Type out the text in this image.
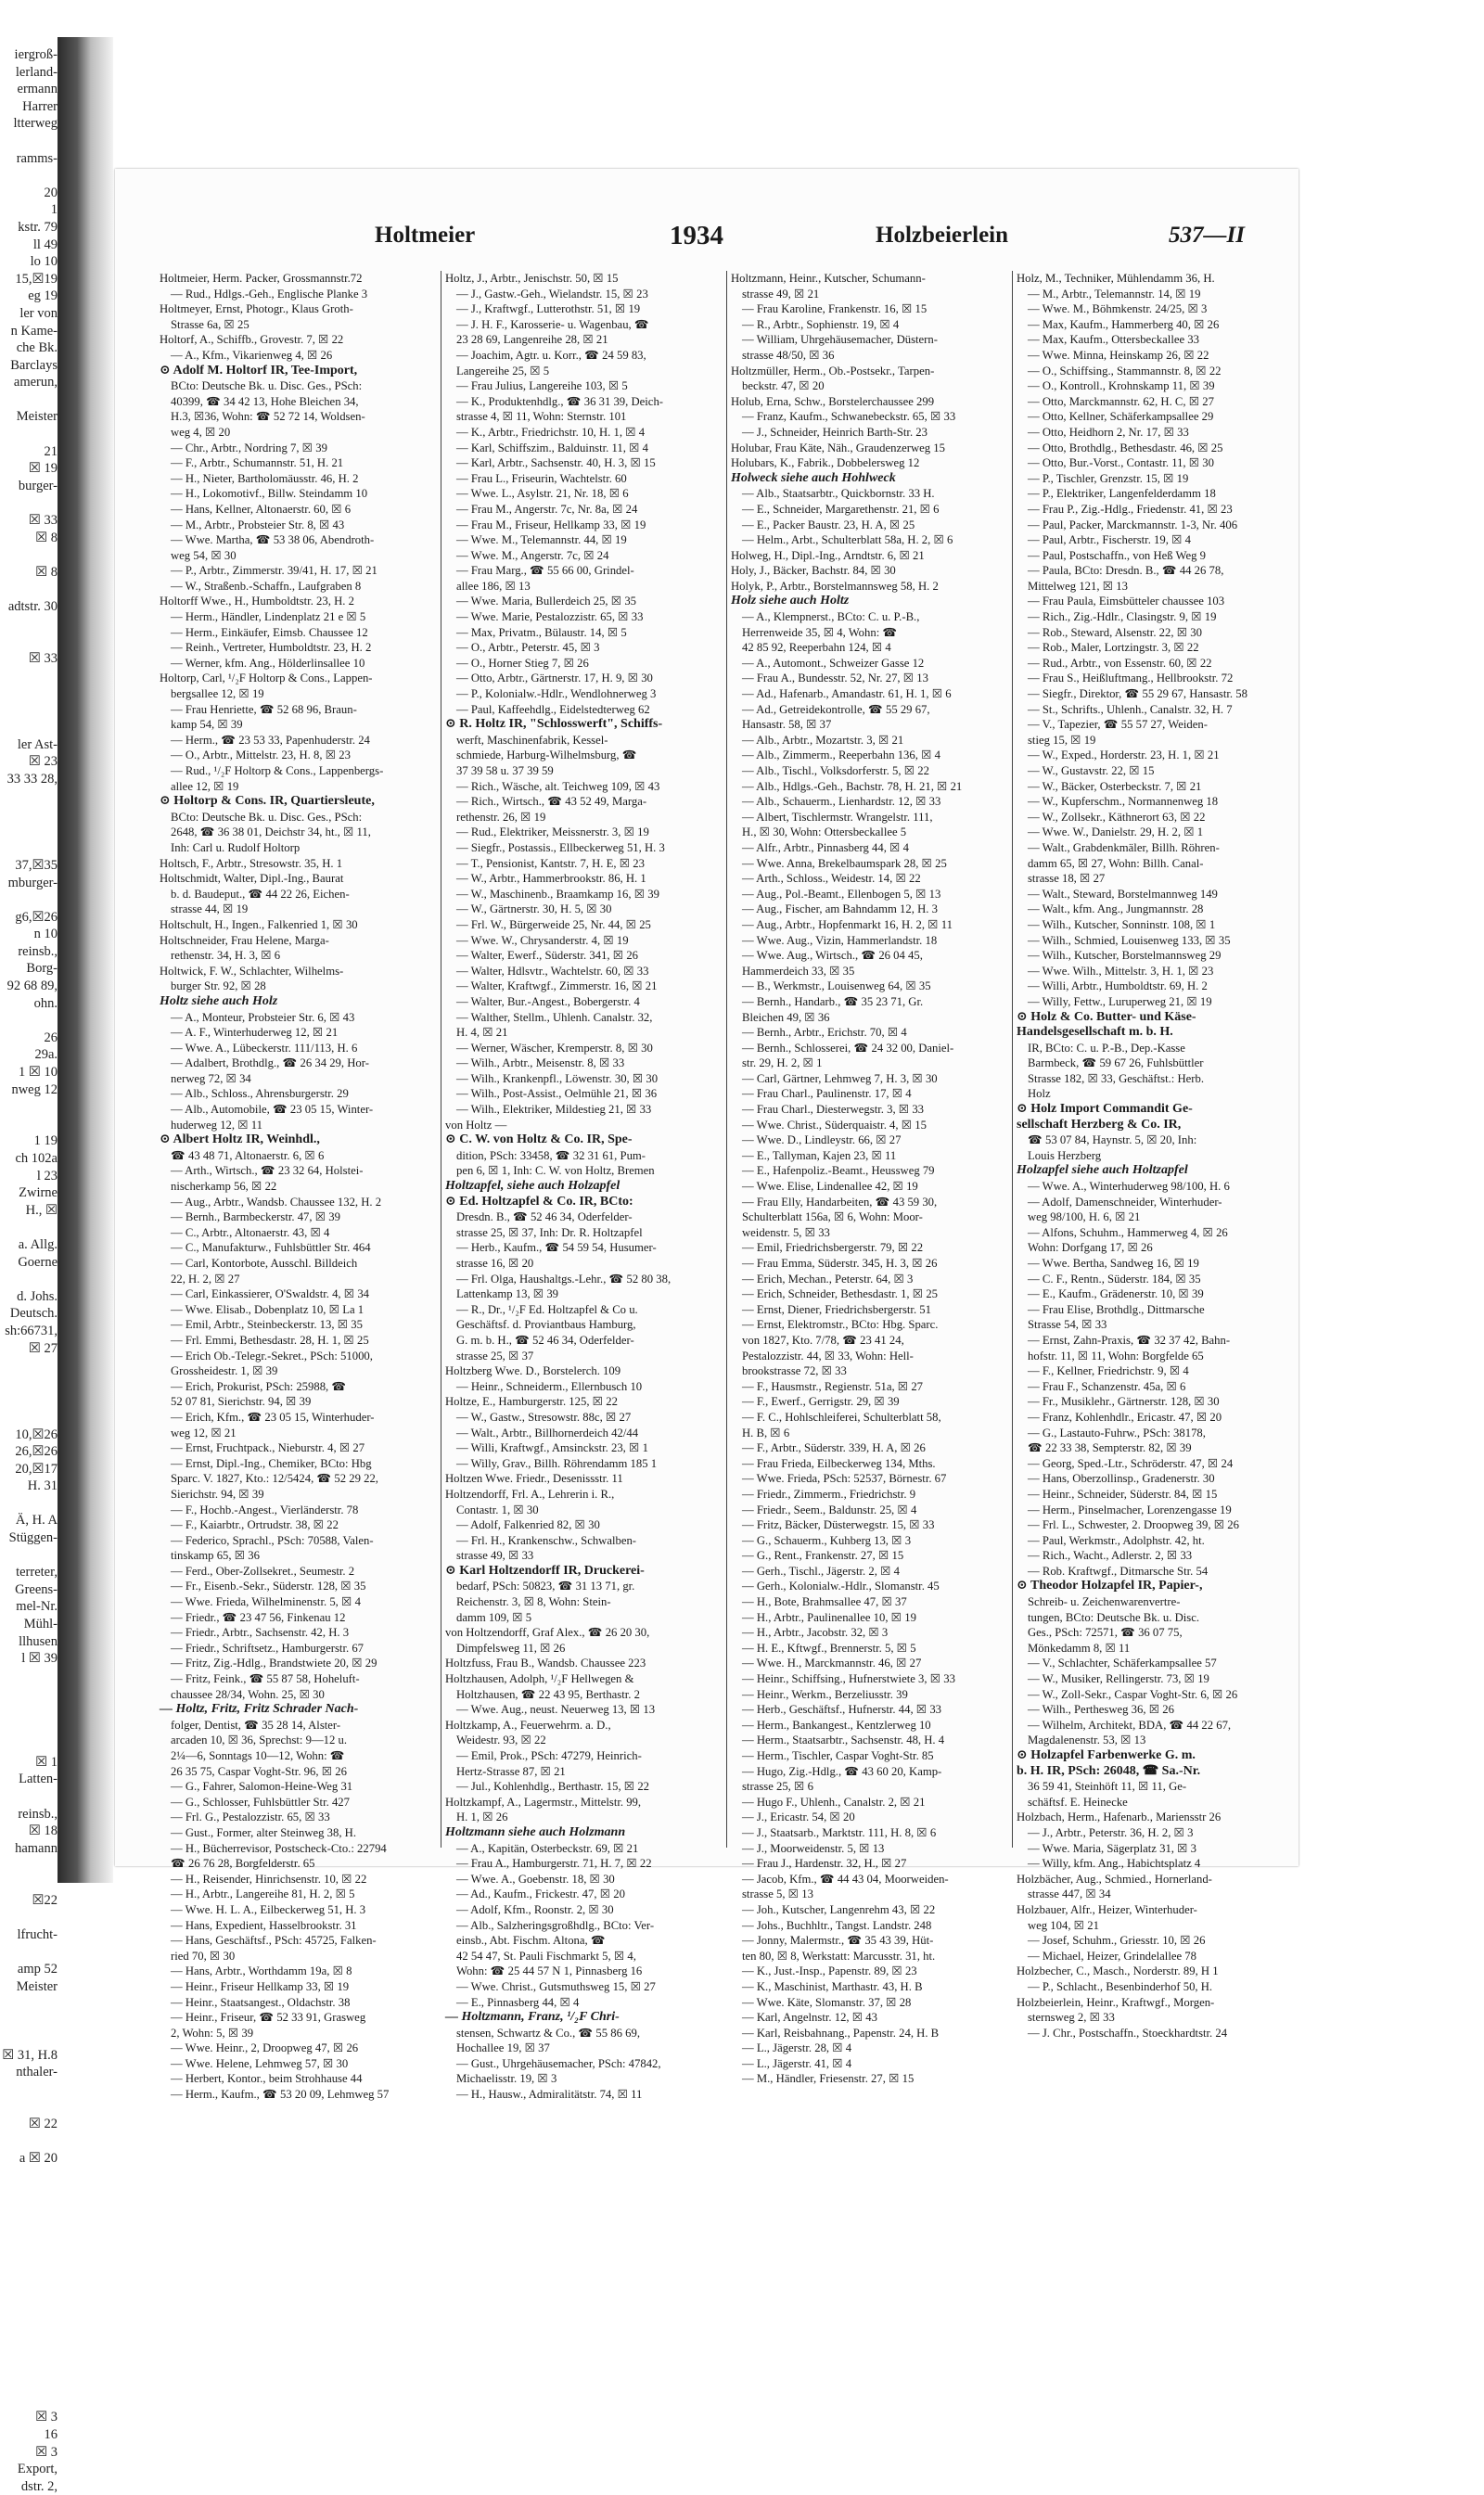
iergroß-
lerland-
ermann
Harrer
ltterweg
ramms-
20
1
kstr. 79
ll 49
lo 10
15,☒19
eg 19
ler von
n Kame-
che Bk.
Barclays
amerun,
Meister
21
☒ 19
burger-
☒ 33
☒ 8
☒ 8
adtstr. 30
☒ 33
ler Ast-
☒ 23
33 33 28,
37,☒35
mburger-
g6,☒26
n 10
reinsb.,
Borg-
92 68 89,
ohn.
26
29a.
1 ☒ 10
nweg 12
1 19
ch 102a
l 23
Zwirne
H., ☒
a. Allg.
Goerne
d. Johs.
Deutsch.
sh:66731,
☒ 27
10,☒26
26,☒26
20,☒17
H. 31
Ä, H. A
Stüggen-
terreter,
Greens-
mel-Nr.
Mühl-
llhusen
l ☒ 39
☒ 1
Latten-
reinsb.,
☒ 18
hamann
☒22
lfrucht-
amp 52
Meister
☒ 31, H.8
nthaler-
☒ 22
a ☒ 20
☒ 3
16
☒ 3
Export,
dstr. 2,
Holtmeier	1934	Holzbeierlein	537—II
Holtmeier, Herm. Packer, Grossmannstr.72
— Rud., Hdlgs.-Geh., Englische Planke 3
Holtmeyer, Ernst, Photogr., Klaus Groth-
Strasse 6a, ☒ 25
Holtorf, A., Schiffb., Grovestr. 7, ☒ 22
— A., Kfm., Vikarienweg 4, ☒ 26
⊙ Adolf M. Holtorf IR, Tee-Import,
BCto: Deutsche Bk. u. Disc. Ges., PSch:
40399, ☎ 34 42 13, Hohe Bleichen 34,
H.3, ☒36, Wohn: ☎ 52 72 14, Woldsen-
weg 4, ☒ 20
— Chr., Arbtr., Nordring 7, ☒ 39
— F., Arbtr., Schumannstr. 51, H. 21
— H., Nieter, Bartholomäusstr. 46, H. 2
— H., Lokomotivf., Billw. Steindamm 10
— Hans, Kellner, Altonaerstr. 60, ☒ 6
— M., Arbtr., Probsteier Str. 8, ☒ 43
— Wwe. Martha, ☎ 53 38 06, Abendroth-
weg 54, ☒ 30
— P., Arbtr., Zimmerstr. 39/41, H. 17, ☒ 21
— W., Straßenb.-Schaffn., Laufgraben 8
Holtorff Wwe., H., Humboldtstr. 23, H. 2
— Herm., Händler, Lindenplatz 21 e ☒ 5
— Herm., Einkäufer, Eimsb. Chaussee 12
— Reinh., Vertreter, Humboldtstr. 23, H. 2
— Werner, kfm. Ang., Hölderlinsallee 10
Holtorp, Carl, ¹/₂F Holtorp & Cons., Lappen-
bergsallee 12, ☒ 19
— Frau Henriette, ☎ 52 68 96, Braun-
kamp 54, ☒ 39
— Herm., ☎ 23 53 33, Papenhuderstr. 24
— O., Arbtr., Mittelstr. 23, H. 8, ☒ 23
— Rud., ¹/₂F Holtorp & Cons., Lappenbergs-
allee 12, ☒ 19
⊙ Holtorp & Cons. IR, Quartiersleute,
BCto: Deutsche Bk. u. Disc. Ges., PSch:
2648, ☎ 36 38 01, Deichstr 34, ht., ☒ 11,
Inh: Carl u. Rudolf Holtorp
Holtsch, F., Arbtr., Stresowstr. 35, H. 1
Holtschmidt, Walter, Dipl.-Ing., Baurat
b. d. Baudeput., ☎ 44 22 26, Eichen-
strasse 44, ☒ 19
Holtschult, H., Ingen., Falkenried 1, ☒ 30
Holtschneider, Frau Helene, Marga-
rethenstr. 34, H. 3, ☒ 6
Holtwick, F. W., Schlachter, Wilhelms-
burger Str. 92, ☒ 28
Holtz siehe auch Holz
— A., Monteur, Probsteier Str. 6, ☒ 43
— A. F., Winterhuderweg 12, ☒ 21
— Wwe. A., Lübeckerstr. 111/113, H. 6
— Adalbert, Brothdlg., ☎ 26 34 29, Hor-
nerweg 72, ☒ 34
— Alb., Schloss., Ahrensburgerstr. 29
— Alb., Automobile, ☎ 23 05 15, Winter-
huderweg 12, ☒ 11
⊙ Albert Holtz IR, Weinhdl.,
☎ 43 48 71, Altonaerstr. 6, ☒ 6
— Arth., Wirtsch., ☎ 23 32 64, Holstei-
nischerkamp 56, ☒ 22
— Aug., Arbtr., Wandsb. Chaussee 132, H. 2
— Bernh., Barmbeckerstr. 47, ☒ 39
— C., Arbtr., Altonaerstr. 43, ☒ 4
— C., Manufakturw., Fuhlsbüttler Str. 464
— Carl, Kontorbote, Ausschl. Billdeich
22, H. 2, ☒ 27
— Carl, Einkassierer, O'Swaldstr. 4, ☒ 34
— Wwe. Elisab., Dobenplatz 10, ☒ La 1
— Emil, Arbtr., Steinbeckerstr. 13, ☒ 35
— Frl. Emmi, Bethesdastr. 28, H. 1, ☒ 25
— Erich Ob.-Telegr.-Sekret., PSch: 51000,
Grossheidestr. 1, ☒ 39
— Erich, Prokurist, PSch: 25988, ☎
52 07 81, Sierichstr. 94, ☒ 39
— Erich, Kfm., ☎ 23 05 15, Winterhuder-
weg 12, ☒ 21
— Ernst, Fruchtpack., Nieburstr. 4, ☒ 27
— Ernst, Dipl.-Ing., Chemiker, BCto: Hbg
Sparc. V. 1827, Kto.: 12/5424, ☎ 52 29 22,
Sierichstr. 94, ☒ 39
— F., Hochb.-Angest., Vierländerstr. 78
— F., Kaiarbtr., Ortrudstr. 38, ☒ 22
— Federico, Sprachl., PSch: 70588, Valen-
tinskamp 65, ☒ 36
— Ferd., Ober-Zollsekret., Seumestr. 2
— Fr., Eisenb.-Sekr., Süderstr. 128, ☒ 35
— Wwe. Frieda, Wilhelminenstr. 5, ☒ 4
— Friedr., ☎ 23 47 56, Finkenau 12
— Friedr., Arbtr., Sachsenstr. 42, H. 3
— Friedr., Schriftsetz., Hamburgerstr. 67
— Fritz, Zig.-Hdlg., Brandstwiete 20, ☒ 29
— Fritz, Feink., ☎ 55 87 58, Hoheluft-
chaussee 28/34, Wohn. 25, ☒ 30
— Holtz, Fritz, Fritz Schrader Nach-
folger, Dentist, ☎ 35 28 14, Alster-
arcaden 10, ☒ 36, Sprechst: 9—12 u.
2¼—6, Sonntags 10—12, Wohn: ☎
26 35 75, Caspar Voght-Str. 96, ☒ 26
— G., Fahrer, Salomon-Heine-Weg 31
— G., Schlosser, Fuhlsbüttler Str. 427
— Frl. G., Pestalozzistr. 65, ☒ 33
— Gust., Former, alter Steinweg 38, H.
— H., Bücherrevisor, Postscheck-Cto.: 22794
☎ 26 76 28, Borgfelderstr. 65
— H., Reisender, Hinrichsenstr. 10, ☒ 22
— H., Arbtr., Langereihe 81, H. 2, ☒ 5
— Wwe. H. L. A., Eilbeckerweg 51, H. 3
— Hans, Expedient, Hasselbrookstr. 31
— Hans, Geschäftsf., PSch: 45725, Falken-
ried 70, ☒ 30
— Hans, Arbtr., Worthdamm 19a, ☒ 8
— Heinr., Friseur Hellkamp 33, ☒ 19
— Heinr., Staatsangest., Oldachstr. 38
— Heinr., Friseur, ☎ 52 33 91, Grasweg
2, Wohn: 5, ☒ 39
— Wwe. Heinr., 2, Droopweg 47, ☒ 26
— Wwe. Helene, Lehmweg 57, ☒ 30
— Herbert, Kontor., beim Strohhause 44
— Herm., Kaufm., ☎ 53 20 09, Lehmweg 57
Holtz, J., Arbtr., Jenischstr. 50, ☒ 15
— J., Gastw.-Geh., Wielandstr. 15, ☒ 23
— J., Kraftwgf., Lutterothstr. 51, ☒ 19
— J. H. F., Karosserie- u. Wagenbau, ☎
23 28 69, Langenreihe 28, ☒ 21
— Joachim, Agtr. u. Korr., ☎ 24 59 83,
Langereihe 25, ☒ 5
— Frau Julius, Langereihe 103, ☒ 5
— K., Produktenhdlg., ☎ 36 31 39, Deich-
strasse 4, ☒ 11, Wohn: Sternstr. 101
— K., Arbtr., Friedrichstr. 10, H. 1, ☒ 4
— Karl, Schiffszim., Balduinstr. 11, ☒ 4
— Karl, Arbtr., Sachsenstr. 40, H. 3, ☒ 15
— Frau L., Friseurin, Wachtelstr. 60
— Wwe. L., Asylstr. 21, Nr. 18, ☒ 6
— Frau M., Angerstr. 7c, Nr. 8a, ☒ 24
— Frau M., Friseur, Hellkamp 33, ☒ 19
— Wwe. M., Telemannstr. 44, ☒ 19
— Wwe. M., Angerstr. 7c, ☒ 24
— Frau Marg., ☎ 55 66 00, Grindel-
allee 186, ☒ 13
— Wwe. Maria, Bullerdeich 25, ☒ 35
— Wwe. Marie, Pestalozzistr. 65, ☒ 33
— Max, Privatm., Bülaustr. 14, ☒ 5
— O., Arbtr., Peterstr. 45, ☒ 3
— O., Horner Stieg 7, ☒ 26
— Otto, Arbtr., Gärtnerstr. 17, H. 9, ☒ 30
— P., Kolonialw.-Hdlr., Wendlohnerweg 3
— Paul, Kaffeehdlg., Eidelstedterweg 62
⊙ R. Holtz IR, "Schlosswerft", Schiffs-
werft, Maschinenfabrik, Kessel-
schmiede, Harburg-Wilhelmsburg, ☎
37 39 58 u. 37 39 59
— Rich., Wäsche, alt. Teichweg 109, ☒ 43
— Rich., Wirtsch., ☎ 43 52 49, Marga-
rethenstr. 26, ☒ 19
— Rud., Elektriker, Meissnerstr. 3, ☒ 19
— Siegfr., Postassis., Ellbeckerweg 51, H. 3
— T., Pensionist, Kantstr. 7, H. E, ☒ 23
— W., Arbtr., Hammerbrookstr. 86, H. 1
— W., Maschinenb., Braamkamp 16, ☒ 39
— W., Gärtnerstr. 30, H. 5, ☒ 30
— Frl. W., Bürgerweide 25, Nr. 44, ☒ 25
— Wwe. W., Chrysanderstr. 4, ☒ 19
— Walter, Ewerf., Süderstr. 341, ☒ 26
— Walter, Hdlsvtr., Wachtelstr. 60, ☒ 33
— Walter, Kraftwgf., Zimmerstr. 16, ☒ 21
— Walter, Bur.-Angest., Bobergerstr. 4
— Walther, Stellm., Uhlenh. Canalstr. 32,
H. 4, ☒ 21
— Werner, Wäscher, Kremperstr. 8, ☒ 30
— Wilh., Arbtr., Meisenstr. 8, ☒ 33
— Wilh., Krankenpfl., Löwenstr. 30, ☒ 30
— Wilh., Post-Assist., Oelmühle 21, ☒ 36
— Wilh., Elektriker, Mildestieg 21, ☒ 33
von Holtz —
⊙ C. W. von Holtz & Co. IR, Spe-
dition, PSch: 33458, ☎ 32 31 61, Pum-
pen 6, ☒ 1, Inh: C. W. von Holtz, Bremen
Holtzapfel, siehe auch Holzapfel
⊙ Ed. Holtzapfel & Co. IR, BCto:
Dresdn. B., ☎ 52 46 34, Oderfelder-
strasse 25, ☒ 37, Inh: Dr. R. Holtzapfel
— Herb., Kaufm., ☎ 54 59 54, Husumer-
strasse 16, ☒ 20
— Frl. Olga, Haushaltgs.-Lehr., ☎ 52 80 38,
Lattenkamp 13, ☒ 39
— R., Dr., ¹/₂F Ed. Holtzapfel & Co u.
Geschäftsf. d. Proviantbaus Hamburg,
G. m. b. H., ☎ 52 46 34, Oderfelder-
strasse 25, ☒ 37
Holtzberg Wwe. D., Borstelerch. 109
— Heinr., Schneiderm., Ellernbusch 10
Holtze, E., Hamburgerstr. 125, ☒ 22
— W., Gastw., Stresowstr. 88c, ☒ 27
— Walt., Arbtr., Billhornerdeich 42/44
— Willi, Kraftwgf., Amsinckstr. 23, ☒ 1
— Willy, Grav., Billh. Röhrendamm 185 1
Holtzen Wwe. Friedr., Desenissstr. 11
Holtzendorff, Frl. A., Lehrerin i. R.,
Contastr. 1, ☒ 30
— Adolf, Falkenried 82, ☒ 30
— Frl. H., Krankenschw., Schwalben-
strasse 49, ☒ 33
⊙ Karl Holtzendorff IR, Druckerei-
bedarf, PSch: 50823, ☎ 31 13 71, gr.
Reichenstr. 3, ☒ 8, Wohn: Stein-
damm 109, ☒ 5
von Holtzendorff, Graf Alex., ☎ 26 20 30,
Dimpfelsweg 11, ☒ 26
Holtzfuss, Frau B., Wandsb. Chaussee 223
Holtzhausen, Adolph, ¹/₂F Hellwegen &
Holtzhausen, ☎ 22 43 95, Berthastr. 2
— Wwe. Aug., neust. Neuerweg 13, ☒ 13
Holtzkamp, A., Feuerwehrm. a. D.,
Weidestr. 93, ☒ 22
— Emil, Prok., PSch: 47279, Heinrich-
Hertz-Strasse 87, ☒ 21
— Jul., Kohlenhdlg., Berthastr. 15, ☒ 22
Holtzkampf, A., Lagermstr., Mittelstr. 99,
H. 1, ☒ 26
Holtzmann siehe auch Holzmann
— A., Kapitän, Osterbeckstr. 69, ☒ 21
— Frau A., Hamburgerstr. 71, H. 7, ☒ 22
— Wwe. A., Goebenstr. 18, ☒ 30
— Ad., Kaufm., Frickestr. 47, ☒ 20
— Adolf, Kfm., Roonstr. 2, ☒ 30
— Alb., Salzheringsgroßhdlg., BCto: Ver-
einsb., Abt. Fischm. Altona, ☎
42 54 47, St. Pauli Fischmarkt 5, ☒ 4,
Wohn: ☎ 25 44 57 N 1, Pinnasberg 16
— Wwe. Christ., Gutsmuthsweg 15, ☒ 27
— E., Pinnasberg 44, ☒ 4
— Holtzmann, Franz, ¹/₂F Chri-
stensen, Schwartz & Co., ☎ 55 86 69,
Hochallee 19, ☒ 37
— Gust., Uhrgehäusemacher, PSch: 47842,
Michaelisstr. 19, ☒ 3
— H., Hausw., Admiralitätstr. 74, ☒ 11
Holtzmann, Heinr., Kutscher, Schumann-
strasse 49, ☒ 21
— Frau Karoline, Frankenstr. 16, ☒ 15
— R., Arbtr., Sophienstr. 19, ☒ 4
— William, Uhrgehäusemacher, Düstern-
strasse 48/50, ☒ 36
Holtzmüller, Herm., Ob.-Postsekr., Tarpen-
beckstr. 47, ☒ 20
Holub, Erna, Schw., Borstelerchaussee 299
— Franz, Kaufm., Schwanebeckstr. 65, ☒ 33
— J., Schneider, Heinrich Barth-Str. 23
Holubar, Frau Käte, Näh., Graudenzerweg 15
Holubars, K., Fabrik., Dobbelerswеg 12
Holweck siehe auch Hohlweck
— Alb., Staatsarbtr., Quickbornstr. 33 H.
— E., Schneider, Margarethenstr. 21, ☒ 6
— E., Packer Baustr. 23, H. A, ☒ 25
— Helm., Arbt., Schulterblatt 58a, H. 2, ☒ 6
Holweg, H., Dipl.-Ing., Arndtstr. 6, ☒ 21
Holy, J., Bäcker, Bachstr. 84, ☒ 30
Holyk, P., Arbtr., Borstelmannsweg 58, H. 2
Holz siehe auch Holtz
— A., Klempnerst., BCto: C. u. P.-B.,
Herrenweide 35, ☒ 4, Wohn: ☎
42 85 92, Reeperbahn 124, ☒ 4
— A., Automont., Schweizer Gasse 12
— Frau A., Bundesstr. 52, Nr. 27, ☒ 13
— Ad., Hafenarb., Amandastr. 61, H. 1, ☒ 6
— Ad., Getreidekontrolle, ☎ 55 29 67,
Hansastr. 58, ☒ 37
— Alb., Arbtr., Mozartstr. 3, ☒ 21
— Alb., Zimmerm., Reeperbahn 136, ☒ 4
— Alb., Tischl., Volksdorferstr. 5, ☒ 22
— Alb., Hdlgs.-Geh., Bachstr. 78, H. 21, ☒ 21
— Alb., Schauerm., Lienhardstr. 12, ☒ 33
— Albert, Tischlermstr. Wrangelstr. 111,
H., ☒ 30, Wohn: Ottersbeckallee 5
— Alfr., Arbtr., Pinnasberg 44, ☒ 4
— Wwe. Anna, Brekelbaumspark 28, ☒ 25
— Arth., Schloss., Weidestr. 14, ☒ 22
— Aug., Pol.-Beamt., Ellenbogen 5, ☒ 13
— Aug., Fischer, am Bahndamm 12, H. 3
— Aug., Arbtr., Hopfenmarkt 16, H. 2, ☒ 11
— Wwe. Aug., Vizin, Hammerlandstr. 18
— Wwe. Aug., Wirtsch., ☎ 26 04 45,
Hammerdeich 33, ☒ 35
— B., Werkmstr., Louisenweg 64, ☒ 35
— Bernh., Handarb., ☎ 35 23 71, Gr.
Bleichen 49, ☒ 36
— Bernh., Arbtr., Erichstr. 70, ☒ 4
— Bernh., Schlosserei, ☎ 24 32 00, Daniel-
str. 29, H. 2, ☒ 1
— Carl, Gärtner, Lehmweg 7, H. 3, ☒ 30
— Frau Charl., Paulinenstr. 17, ☒ 4
— Frau Charl., Diesterwegstr. 3, ☒ 33
— Wwe. Christ., Süderquaistr. 4, ☒ 15
— Wwe. D., Lindleystr. 66, ☒ 27
— E., Tallyman, Kajen 23, ☒ 11
— E., Hafenpoliz.-Beamt., Heussweg 79
— Wwe. Elise, Lindenallee 42, ☒ 19
— Frau Elly, Handarbeiten, ☎ 43 59 30,
Schulterblatt 156a, ☒ 6, Wohn: Moor-
weidenstr. 5, ☒ 33
— Emil, Friedrichsbergerstr. 79, ☒ 22
— Frau Emma, Süderstr. 345, H. 3, ☒ 26
— Erich, Mechan., Peterstr. 64, ☒ 3
— Erich, Schneider, Bethesdastr. 1, ☒ 25
— Ernst, Diener, Friedrichsbergerstr. 51
— Ernst, Elektromstr., BCto: Hbg. Sparc.
von 1827, Kto. 7/78, ☎ 23 41 24,
Pestalozzistr. 44, ☒ 33, Wohn: Hell-
brookstrasse 72, ☒ 33
— F., Hausmstr., Regienstr. 51a, ☒ 27
— F., Ewerf., Gerrigstr. 29, ☒ 39
— F. C., Hohlschleiferei, Schulterblatt 58,
H. B, ☒ 6
— F., Arbtr., Süderstr. 339, H. A, ☒ 26
— Frau Frieda, Eilbeckerweg 134, Mths.
— Wwe. Frieda, PSch: 52537, Börnestr. 67
— Friedr., Zimmerm., Friedrichstr. 9
— Friedr., Seem., Baldunstr. 25, ☒ 4
— Fritz, Bäcker, Düsterwegstr. 15, ☒ 33
— G., Schauerm., Kuhberg 13, ☒ 3
— G., Rent., Frankenstr. 27, ☒ 15
— Gerh., Tischl., Jägerstr. 2, ☒ 4
— Gerh., Kolonialw.-Hdlr., Slomanstr. 45
— H., Bote, Brahmsallee 47, ☒ 37
— H., Arbtr., Paulinenallee 10, ☒ 19
— H., Arbtr., Jacobstr. 32, ☒ 3
— H. E., Kftwgf., Brennerstr. 5, ☒ 5
— Wwe. H., Marckmannstr. 46, ☒ 27
— Heinr., Schiffsing., Hufnerstwiete 3, ☒ 33
— Heinr., Werkm., Berzeliusstr. 39
— Herb., Geschäftsf., Hufnerstr. 44, ☒ 33
— Herm., Bankangest., Kentzlerweg 10
— Herm., Staatsarbtr., Sachsenstr. 48, H. 4
— Herm., Tischler, Caspar Voght-Str. 85
— Hugo, Zig.-Hdlg., ☎ 43 60 20, Kamp-
strasse 25, ☒ 6
— Hugo F., Uhlenh., Canalstr. 2, ☒ 21
— J., Ericastr. 54, ☒ 20
— J., Staatsarb., Marktstr. 111, H. 8, ☒ 6
— J., Moorweidenstr. 5, ☒ 13
— Frau J., Hardenstr. 32, H., ☒ 27
— Jacob, Kfm., ☎ 44 43 04, Moorweiden-
strasse 5, ☒ 13
— Joh., Kutscher, Langenrehm 43, ☒ 22
— Johs., Buchhltr., Tangst. Landstr. 248
— Jonny, Malermstr., ☎ 35 43 39, Hüt-
ten 80, ☒ 8, Werkstatt: Marcusstr. 31, ht.
— K., Just.-Insp., Papenstr. 89, ☒ 23
— K., Maschinist, Marthastr. 43, H. B
— Wwe. Käte, Slomanstr. 37, ☒ 28
— Karl, Angelnstr. 12, ☒ 43
— Karl, Reisbahnang., Papenstr. 24, H. B
— L., Jägerstr. 28, ☒ 4
— L., Jägerstr. 41, ☒ 4
— M., Händler, Friesenstr. 27, ☒ 15
Holz, M., Techniker, Mühlendamm 36, H.
— M., Arbtr., Telemannstr. 14, ☒ 19
— Wwe. M., Böhmkenstr. 24/25, ☒ 3
— Max, Kaufm., Hammerberg 40, ☒ 26
— Max, Kaufm., Ottersbeckallee 33
— Wwe. Minna, Heinskamp 26, ☒ 22
— O., Schiffsing., Stammannstr. 8, ☒ 22
— O., Kontroll., Krohnskamp 11, ☒ 39
— Otto, Marckmannstr. 62, H. C, ☒ 27
— Otto, Kellner, Schäferkampsallee 29
— Otto, Heidhorn 2, Nr. 17, ☒ 33
— Otto, Brothdlg., Bethesdastr. 46, ☒ 25
— Otto, Bur.-Vorst., Contastr. 11, ☒ 30
— P., Tischler, Grenzstr. 15, ☒ 19
— P., Elektriker, Langenfelderdamm 18
— Frau P., Zig.-Hdlg., Friedenstr. 41, ☒ 23
— Paul, Packer, Marckmannstr. 1-3, Nr. 406
— Paul, Arbtr., Fischerstr. 19, ☒ 4
— Paul, Postschaffn., von Heß Weg 9
— Paula, BCto: Dresdn. B., ☎ 44 26 78,
Mittelweg 121, ☒ 13
— Frau Paula, Eimsbütteler chaussee 103
— Rich., Zig.-Hdlr., Clasingstr. 9, ☒ 19
— Rob., Steward, Alsenstr. 22, ☒ 30
— Rob., Maler, Lortzingstr. 3, ☒ 22
— Rud., Arbtr., von Essenstr. 60, ☒ 22
— Frau S., Heißluftmang., Hellbrookstr. 72
— Siegfr., Direktor, ☎ 55 29 67, Hansastr. 58
— St., Schrifts., Uhlenh., Canalstr. 32, H. 7
— V., Tapezier, ☎ 55 57 27, Weiden-
stieg 15, ☒ 19
— W., Exped., Horderstr. 23, H. 1, ☒ 21
— W., Gustavstr. 22, ☒ 15
— W., Bäcker, Osterbeckstr. 7, ☒ 21
— W., Kupferschm., Normannenweg 18
— W., Zollsekr., Käthnerort 63, ☒ 22
— Wwe. W., Danielstr. 29, H. 2, ☒ 1
— Walt., Grabdenkmäler, Billh. Röhren-
damm 65, ☒ 27, Wohn: Billh. Canal-
strasse 18, ☒ 27
— Walt., Steward, Borstelmannweg 149
— Walt., kfm. Ang., Jungmannstr. 28
— Wilh., Kutscher, Sonninstr. 108, ☒ 1
— Wilh., Schmied, Louisenweg 133, ☒ 35
— Wilh., Kutscher, Borstelmannsweg 29
— Wwe. Wilh., Mittelstr. 3, H. 1, ☒ 23
— Willi, Arbtr., Humboldtstr. 69, H. 2
— Willy, Fettw., Luruperweg 21, ☒ 19
⊙ Holz & Co. Butter- und Käse-
Handelsgesellschaft m. b. H.
IR, BCto: C. u. P.-B., Dep.-Kasse
Barmbeck, ☎ 59 67 26, Fuhlsbüttler
Strasse 182, ☒ 33, Geschäftst.: Herb.
Holz
⊙ Holz Import Commandit Ge-
sellschaft Herzberg & Co. IR,
☎ 53 07 84, Haynstr. 5, ☒ 20, Inh:
Louis Herzberg
Holzapfel siehe auch Holtzapfel
— Wwe. A., Winterhuderweg 98/100, H. 6
— Adolf, Damenschneider, Winterhuder-
weg 98/100, H. 6, ☒ 21
— Alfons, Schuhm., Hammerweg 4, ☒ 26
Wohn: Dorfgang 17, ☒ 26
— Wwe. Bertha, Sandweg 16, ☒ 19
— C. F., Rentn., Süderstr. 184, ☒ 35
— E., Kaufm., Grädenerstr. 10, ☒ 39
— Frau Elise, Brothdlg., Dittmarsche
Strasse 54, ☒ 33
— Ernst, Zahn-Praxis, ☎ 32 37 42, Bahn-
hofstr. 11, ☒ 11, Wohn: Borgfelde 65
— F., Kellner, Friedrichstr. 9, ☒ 4
— Frau F., Schanzenstr. 45a, ☒ 6
— Fr., Musiklehr., Gärtnerstr. 128, ☒ 30
— Franz, Kohlenhdlr., Ericastr. 47, ☒ 20
— G., Lastauto-Fuhrw., PSch: 38178,
☎ 22 33 38, Sempterstr. 82, ☒ 39
— Georg, Sped.-Ltr., Schröderstr. 47, ☒ 24
— Hans, Oberzollinsp., Gradenerstr. 30
— Heinr., Schneider, Süderstr. 84, ☒ 15
— Herm., Pinselmacher, Lorenzengasse 19
— Frl. L., Schwester, 2. Droopweg 39, ☒ 26
— Paul, Werkmstr., Adolphstr. 42, ht.
— Rich., Wacht., Adlerstr. 2, ☒ 33
— Rob. Kraftwgf., Ditmarsche Str. 54
⊙ Theodor Holzapfel IR, Papier-,
Schreib- u. Zeichenwarenvertre-
tungen, BCto: Deutsche Bk. u. Disc.
Ges., PSch: 72571, ☎ 36 07 75,
Mönkedamm 8, ☒ 11
— V., Schlachter, Schäferkampsallee 57
— W., Musiker, Rellingerstr. 73, ☒ 19
— W., Zoll-Sekr., Caspar Voght-Str. 6, ☒ 26
— Wilh., Perthesweg 36, ☒ 26
— Wilhelm, Architekt, BDA, ☎ 44 22 67,
Magdalenenstr. 53, ☒ 13
⊙ Holzapfel Farbenwerke G. m.
b. H. IR, PSch: 26048, ☎ Sa.-Nr.
36 59 41, Steinhöft 11, ☒ 11, Ge-
schäftsf. E. Heinecke
Holzbach, Herm., Hafenarb., Mariensstr 26
— J., Arbtr., Peterstr. 36, H. 2, ☒ 3
— Wwe. Maria, Sägerplatz 31, ☒ 3
— Willy, kfm. Ang., Habichtsplatz 4
Holzbächer, Aug., Schmied., Hornerland-
strasse 447, ☒ 34
Holzbauer, Alfr., Heizer, Winterhuder-
weg 104, ☒ 21
— Josef, Schuhm., Griesstr. 10, ☒ 26
— Michael, Heizer, Grindelallee 78
Holzbecher, C., Masch., Norderstr. 89, H 1
— P., Schlacht., Besenbinderhof 50, H.
Holzbeierlein, Heinr., Kraftwgf., Morgen-
sternsweg 2, ☒ 33
— J. Chr., Postschaffn., Stoeckhardtstr. 24
